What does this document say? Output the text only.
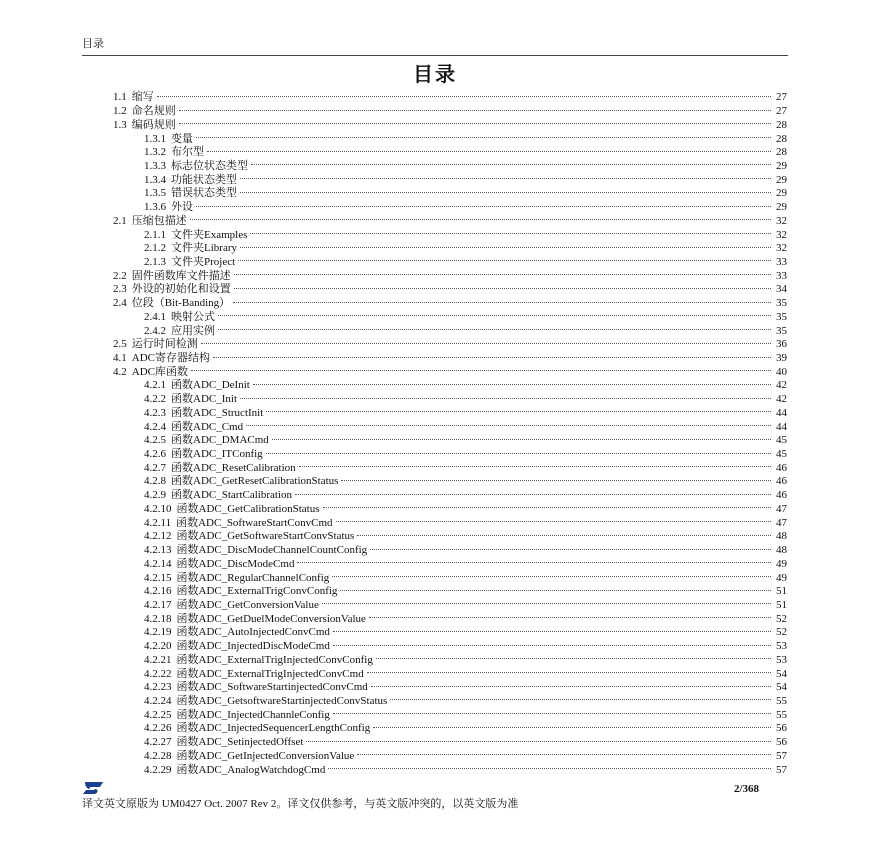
目录
目录
1.1 缩写	27
1.2 命名规则	27
1.3 编码规则	28
1.3.1 变量	28
1.3.2 布尔型	28
1.3.3 标志位状态类型	29
1.3.4 功能状态类型	29
1.3.5 错误状态类型	29
1.3.6 外设	29
2.1 压缩包描述	32
2.1.1 文件夹Examples	32
2.1.2 文件夹Library	32
2.1.3 文件夹Project	33
2.2 固件函数库文件描述	33
2.3 外设的初始化和设置	34
2.4 位段（Bit-Banding）	35
2.4.1 映射公式	35
2.4.2 应用实例	35
2.5 运行时间检测	36
4.1 ADC寄存器结构	39
4.2 ADC库函数	40
4.2.1 函数ADC_DeInit	42
4.2.2 函数ADC_Init	42
4.2.3 函数ADC_StructInit	44
4.2.4 函数ADC_Cmd	44
4.2.5 函数ADC_DMACmd	45
4.2.6 函数ADC_ITConfig	45
4.2.7 函数ADC_ResetCalibration	46
4.2.8 函数ADC_GetResetCalibrationStatus	46
4.2.9 函数ADC_StartCalibration	46
4.2.10 函数ADC_GetCalibrationStatus	47
4.2.11 函数ADC_SoftwareStartConvCmd	47
4.2.12 函数ADC_GetSoftwareStartConvStatus	48
4.2.13 函数ADC_DiscModeChannelCountConfig	48
4.2.14 函数ADC_DiscModeCmd	49
4.2.15 函数ADC_RegularChannelConfig	49
4.2.16 函数ADC_ExternalTrigConvConfig	51
4.2.17 函数ADC_GetConversionValue	51
4.2.18 函数ADC_GetDuelModeConversionValue	52
4.2.19 函数ADC_AutoInjectedConvCmd	52
4.2.20 函数ADC_InjectedDiscModeCmd	53
4.2.21 函数ADC_ExternalTrigInjectedConvConfig	53
4.2.22 函数ADC_ExternalTrigInjectedConvCmd	54
4.2.23 函数ADC_SoftwareStartinjectedConvCmd	54
4.2.24 函数ADC_GetsoftwareStartinjectedConvStatus	55
4.2.25 函数ADC_InjectedChannleConfig	55
4.2.26 函数ADC_InjectedSequencerLengthConfig	56
4.2.27 函数ADC_SetinjectedOffset	56
4.2.28 函数ADC_GetInjectedConversionValue	57
4.2.29 函数ADC_AnalogWatchdogCmd	57
2/368
译文英文原版为 UM0427 Oct. 2007 Rev 2。译文仅供参考，与英文版冲突的，以英文版为准
